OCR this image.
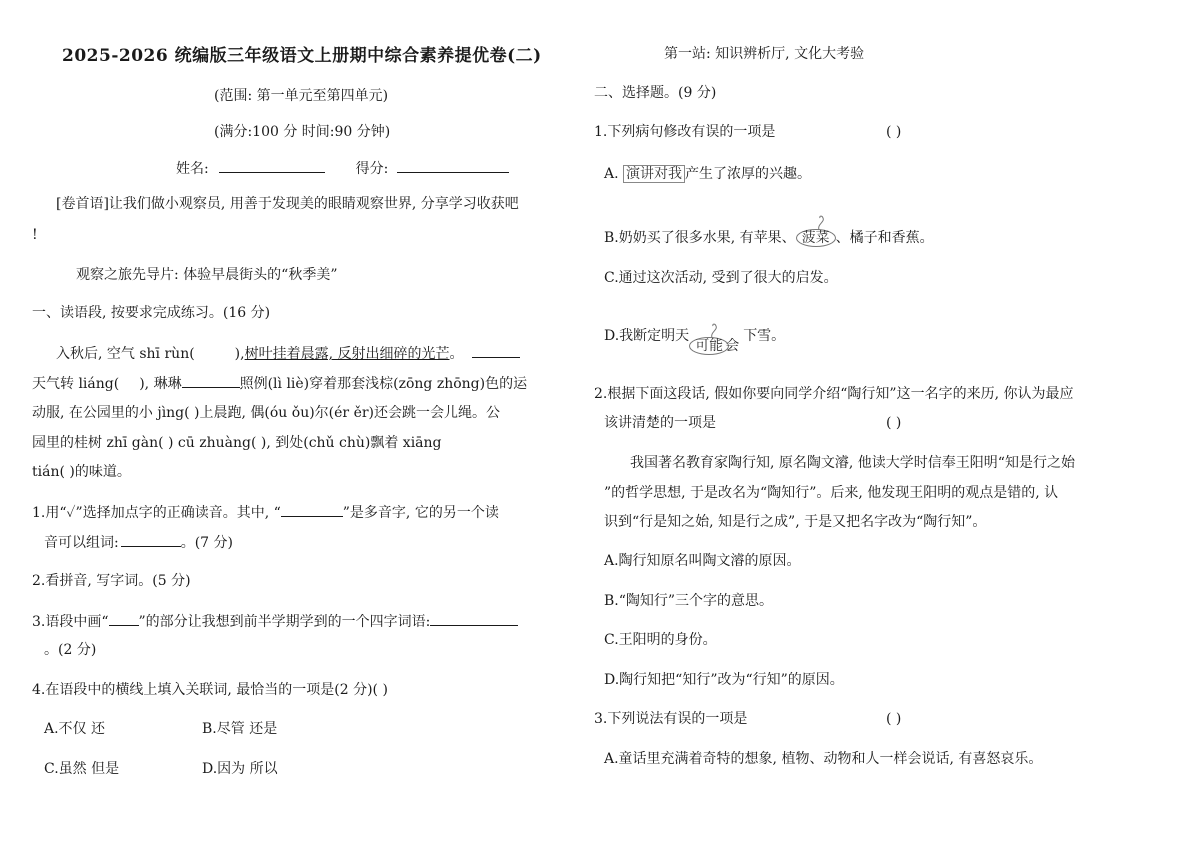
2025-2026 统编版三年级语文上册期中综合素养提优卷(二)
(范围: 第一单元至第四单元)
(满分:100 分 时间:90 分钟)
姓名:	得分:
[卷首语]让我们做小观察员, 用善于发现美的眼睛观察世界, 分享学习收获吧
!
观察之旅先导片: 体验早晨街头的“秋季美”
一、读语段, 按要求完成练习。(16 分)
入秋后, 空气 shī rùn(	),树叶挂着晨露, 反射出细碎的光芒。
天气转 liáng( ), 琳琳	照例(lì liè)穿着那套浅棕(zōng zhōng)色的运
动服, 在公园里的小 jìng( )上晨跑, 偶(óu ǒu)尔(ér ěr)还会跳一会儿绳。公
园里的桂树 zhī gàn( ) cū zhuàng( ), 到处(chǔ chù)飘着 xiāng
tián( )的味道。
1.用“✓”选择加点字的正确读音。其中, “	”是多音字, 它的另一个读
音可以组词:	。(7 分)
2.看拼音, 写字词。(5 分)
3.语段中画“ ”的部分让我想到前半学期学到的一个四字词语:
。(2 分)
4.在语段中的横线上填入关联词, 最恰当的一项是(2 分)( )
A.不仅 还	B.尽管 还是
C.虽然 但是	D.因为 所以
第一站: 知识辨析厅, 文化大考验
二、选择题。(9 分)
1.下列病句修改有误的一项是	( )
A. 演讲对我 产生了浓厚的兴趣。
B.奶奶买了很多水果, 有苹果、 菠菜 、橘子和香蕉。
C.通过这次活动, 受到了很大的启发。
D.我断定明天
可能 会下雪。
2.根据下面这段话, 假如你要向同学介绍“陶行知”这一名字的来历, 你认为最应
该讲清楚的一项是	( )
我国著名教育家陶行知, 原名陶文濬, 他读大学时信奉王阳明“知是行之始
”的哲学思想, 于是改名为“陶知行”。后来, 他发现王阳明的观点是错的, 认
识到“行是知之始, 知是行之成”, 于是又把名字改为“陶行知”。
A.陶行知原名叫陶文濬的原因。
B.“陶知行”三个字的意思。
C.王阳明的身份。
D.陶行知把“知行”改为“行知”的原因。
3.下列说法有误的一项是	( )
A.童话里充满着奇特的想象, 植物、动物和人一样会说话, 有喜怒哀乐。
